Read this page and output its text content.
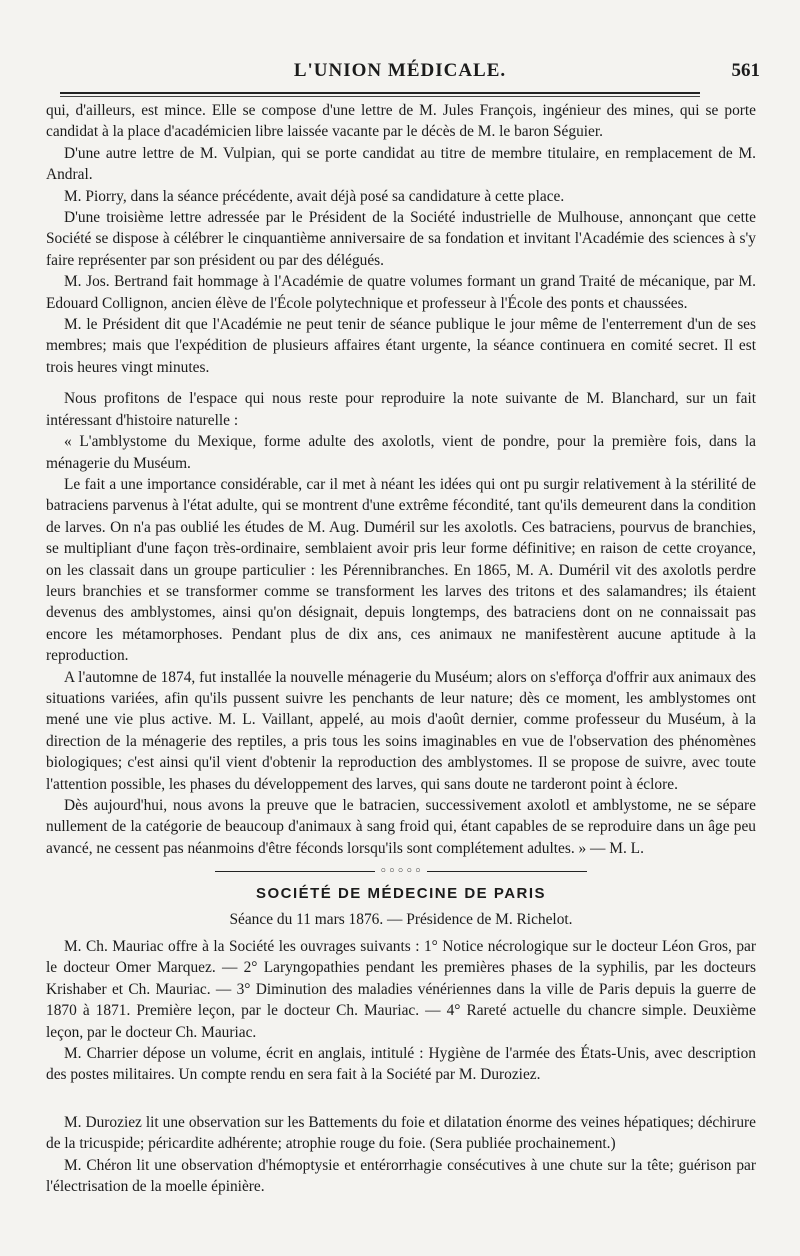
L'UNION MÉDICALE.	561

qui, d'ailleurs, est mince. Elle se compose d'une lettre de M. Jules François, ingénieur des mines, qui se porte candidat à la place d'académicien libre laissée vacante par le décès de M. le baron Séguier.

D'une autre lettre de M. Vulpian, qui se porte candidat au titre de membre titulaire, en remplacement de M. Andral.

M. Piorry, dans la séance précédente, avait déjà posé sa candidature à cette place.

D'une troisième lettre adressée par le Président de la Société industrielle de Mulhouse, annonçant que cette Société se dispose à célébrer le cinquantième anniversaire de sa fondation et invitant l'Académie des sciences à s'y faire représenter par son président ou par des délégués.

M. Jos. Bertrand fait hommage à l'Académie de quatre volumes formant un grand Traité de mécanique, par M. Edouard Collignon, ancien élève de l'École polytechnique et professeur à l'École des ponts et chaussées.

M. le Président dit que l'Académie ne peut tenir de séance publique le jour même de l'enterrement d'un de ses membres; mais que l'expédition de plusieurs affaires étant urgente, la séance continuera en comité secret. Il est trois heures vingt minutes.

Nous profitons de l'espace qui nous reste pour reproduire la note suivante de M. Blanchard, sur un fait intéressant d'histoire naturelle :

« L'amblystome du Mexique, forme adulte des axolotls, vient de pondre, pour la première fois, dans la ménagerie du Muséum.

Le fait a une importance considérable, car il met à néant les idées qui ont pu surgir relativement à la stérilité de batraciens parvenus à l'état adulte, qui se montrent d'une extrême fécondité, tant qu'ils demeurent dans la condition de larves. On n'a pas oublié les études de M. Aug. Duméril sur les axolotls. Ces batraciens, pourvus de branchies, se multipliant d'une façon très-ordinaire, semblaient avoir pris leur forme définitive; en raison de cette croyance, on les classait dans un groupe particulier : les Pérennibranches. En 1865, M. A. Duméril vit des axolotls perdre leurs branchies et se transformer comme se transforment les larves des tritons et des salamandres; ils étaient devenus des amblystomes, ainsi qu'on désignait, depuis longtemps, des batraciens dont on ne connaissait pas encore les métamorphoses. Pendant plus de dix ans, ces animaux ne manifestèrent aucune aptitude à la reproduction.

A l'automne de 1874, fut installée la nouvelle ménagerie du Muséum; alors on s'efforça d'offrir aux animaux des situations variées, afin qu'ils pussent suivre les penchants de leur nature; dès ce moment, les amblystomes ont mené une vie plus active. M. L. Vaillant, appelé, au mois d'août dernier, comme professeur du Muséum, à la direction de la ménagerie des reptiles, a pris tous les soins imaginables en vue de l'observation des phénomènes biologiques; c'est ainsi qu'il vient d'obtenir la reproduction des amblystomes. Il se propose de suivre, avec toute l'attention possible, les phases du développement des larves, qui sans doute ne tarderont point à éclore.

Dès aujourd'hui, nous avons la preuve que le batracien, successivement axolotl et amblystome, ne se sépare nullement de la catégorie de beaucoup d'animaux à sang froid qui, étant capables de se reproduire dans un âge peu avancé, ne cessent pas néanmoins d'être féconds lorsqu'ils sont complétement adultes. » — M. L.

◦◦◦◦◦
SOCIÉTÉ DE MÉDECINE DE PARIS
Séance du 11 mars 1876. — Présidence de M. Richelot.

M. Ch. Mauriac offre à la Société les ouvrages suivants : 1° Notice nécrologique sur le docteur Léon Gros, par le docteur Omer Marquez. — 2° Laryngopathies pendant les premières phases de la syphilis, par les docteurs Krishaber et Ch. Mauriac. — 3° Diminution des maladies vénériennes dans la ville de Paris depuis la guerre de 1870 à 1871. Première leçon, par le docteur Ch. Mauriac. — 4° Rareté actuelle du chancre simple. Deuxième leçon, par le docteur Ch. Mauriac.

M. Charrier dépose un volume, écrit en anglais, intitulé : Hygiène de l'armée des États-Unis, avec description des postes militaires. Un compte rendu en sera fait à la Société par M. Duroziez.

M. Duroziez lit une observation sur les Battements du foie et dilatation énorme des veines hépatiques; déchirure de la tricuspide; péricardite adhérente; atrophie rouge du foie. (Sera publiée prochainement.)

M. Chéron lit une observation d'hémoptysie et entérorrhagie consécutives à une chute sur la tête; guérison par l'électrisation de la moelle épinière.
